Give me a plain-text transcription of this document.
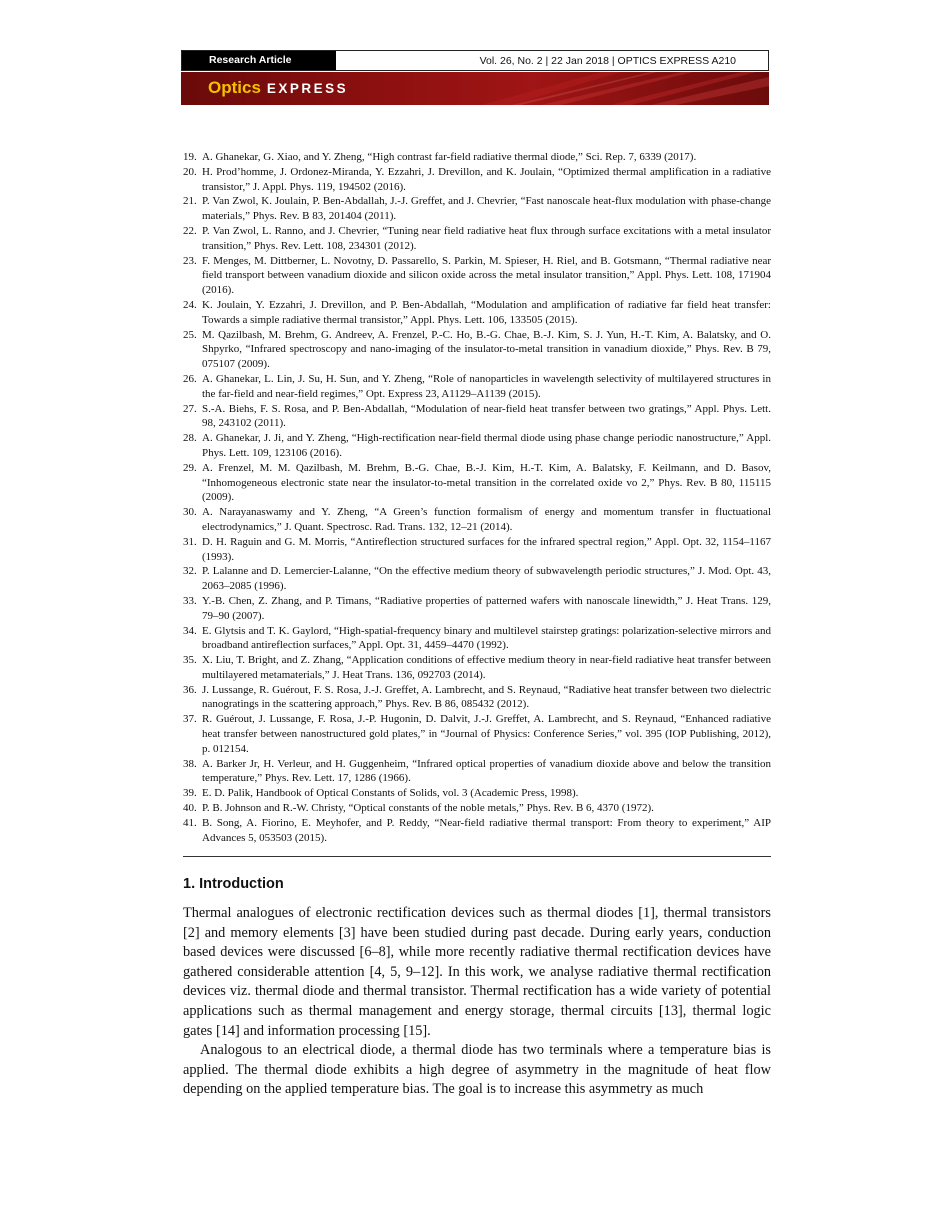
Research Article	Vol. 26, No. 2 | 22 Jan 2018 | OPTICS EXPRESS A210
Optics EXPRESS
19. A. Ghanekar, G. Xiao, and Y. Zheng, “High contrast far-field radiative thermal diode,” Sci. Rep. 7, 6339 (2017).
20. H. Prod’homme, J. Ordonez-Miranda, Y. Ezzahri, J. Drevillon, and K. Joulain, “Optimized thermal amplification in a radiative transistor,” J. Appl. Phys. 119, 194502 (2016).
21. P. Van Zwol, K. Joulain, P. Ben-Abdallah, J.-J. Greffet, and J. Chevrier, “Fast nanoscale heat-flux modulation with phase-change materials,” Phys. Rev. B 83, 201404 (2011).
22. P. Van Zwol, L. Ranno, and J. Chevrier, “Tuning near field radiative heat flux through surface excitations with a metal insulator transition,” Phys. Rev. Lett. 108, 234301 (2012).
23. F. Menges, M. Dittberner, L. Novotny, D. Passarello, S. Parkin, M. Spieser, H. Riel, and B. Gotsmann, “Thermal radiative near field transport between vanadium dioxide and silicon oxide across the metal insulator transition,” Appl. Phys. Lett. 108, 171904 (2016).
24. K. Joulain, Y. Ezzahri, J. Drevillon, and P. Ben-Abdallah, “Modulation and amplification of radiative far field heat transfer: Towards a simple radiative thermal transistor,” Appl. Phys. Lett. 106, 133505 (2015).
25. M. Qazilbash, M. Brehm, G. Andreev, A. Frenzel, P.-C. Ho, B.-G. Chae, B.-J. Kim, S. J. Yun, H.-T. Kim, A. Balatsky, and O. Shpyrko, “Infrared spectroscopy and nano-imaging of the insulator-to-metal transition in vanadium dioxide,” Phys. Rev. B 79, 075107 (2009).
26. A. Ghanekar, L. Lin, J. Su, H. Sun, and Y. Zheng, “Role of nanoparticles in wavelength selectivity of multilayered structures in the far-field and near-field regimes,” Opt. Express 23, A1129–A1139 (2015).
27. S.-A. Biehs, F. S. Rosa, and P. Ben-Abdallah, “Modulation of near-field heat transfer between two gratings,” Appl. Phys. Lett. 98, 243102 (2011).
28. A. Ghanekar, J. Ji, and Y. Zheng, “High-rectification near-field thermal diode using phase change periodic nanostructure,” Appl. Phys. Lett. 109, 123106 (2016).
29. A. Frenzel, M. M. Qazilbash, M. Brehm, B.-G. Chae, B.-J. Kim, H.-T. Kim, A. Balatsky, F. Keilmann, and D. Basov, “Inhomogeneous electronic state near the insulator-to-metal transition in the correlated oxide vo 2,” Phys. Rev. B 80, 115115 (2009).
30. A. Narayanaswamy and Y. Zheng, “A Green’s function formalism of energy and momentum transfer in fluctuational electrodynamics,” J. Quant. Spectrosc. Rad. Trans. 132, 12–21 (2014).
31. D. H. Raguin and G. M. Morris, “Antireflection structured surfaces for the infrared spectral region,” Appl. Opt. 32, 1154–1167 (1993).
32. P. Lalanne and D. Lemercier-Lalanne, “On the effective medium theory of subwavelength periodic structures,” J. Mod. Opt. 43, 2063–2085 (1996).
33. Y.-B. Chen, Z. Zhang, and P. Timans, “Radiative properties of patterned wafers with nanoscale linewidth,” J. Heat Trans. 129, 79–90 (2007).
34. E. Glytsis and T. K. Gaylord, “High-spatial-frequency binary and multilevel stairstep gratings: polarization-selective mirrors and broadband antireflection surfaces,” Appl. Opt. 31, 4459–4470 (1992).
35. X. Liu, T. Bright, and Z. Zhang, “Application conditions of effective medium theory in near-field radiative heat transfer between multilayered metamaterials,” J. Heat Trans. 136, 092703 (2014).
36. J. Lussange, R. Guérout, F. S. Rosa, J.-J. Greffet, A. Lambrecht, and S. Reynaud, “Radiative heat transfer between two dielectric nanogratings in the scattering approach,” Phys. Rev. B 86, 085432 (2012).
37. R. Guérout, J. Lussange, F. Rosa, J.-P. Hugonin, D. Dalvit, J.-J. Greffet, A. Lambrecht, and S. Reynaud, “Enhanced radiative heat transfer between nanostructured gold plates,” in “Journal of Physics: Conference Series,” vol. 395 (IOP Publishing, 2012), p. 012154.
38. A. Barker Jr, H. Verleur, and H. Guggenheim, “Infrared optical properties of vanadium dioxide above and below the transition temperature,” Phys. Rev. Lett. 17, 1286 (1966).
39. E. D. Palik, Handbook of Optical Constants of Solids, vol. 3 (Academic Press, 1998).
40. P. B. Johnson and R.-W. Christy, “Optical constants of the noble metals,” Phys. Rev. B 6, 4370 (1972).
41. B. Song, A. Fiorino, E. Meyhofer, and P. Reddy, “Near-field radiative thermal transport: From theory to experiment,” AIP Advances 5, 053503 (2015).
1. Introduction

Thermal analogues of electronic rectification devices such as thermal diodes [1], thermal transistors [2] and memory elements [3] have been studied during past decade. During early years, conduction based devices were discussed [6–8], while more recently radiative thermal rectification devices have gathered considerable attention [4, 5, 9–12]. In this work, we analyse radiative thermal rectification devices viz. thermal diode and thermal transistor. Thermal rectification has a wide variety of potential applications such as thermal management and energy storage, thermal circuits [13], thermal logic gates [14] and information processing [15].

Analogous to an electrical diode, a thermal diode has two terminals where a temperature bias is applied. The thermal diode exhibits a high degree of asymmetry in the magnitude of heat flow depending on the applied temperature bias. The goal is to increase this asymmetry as much
